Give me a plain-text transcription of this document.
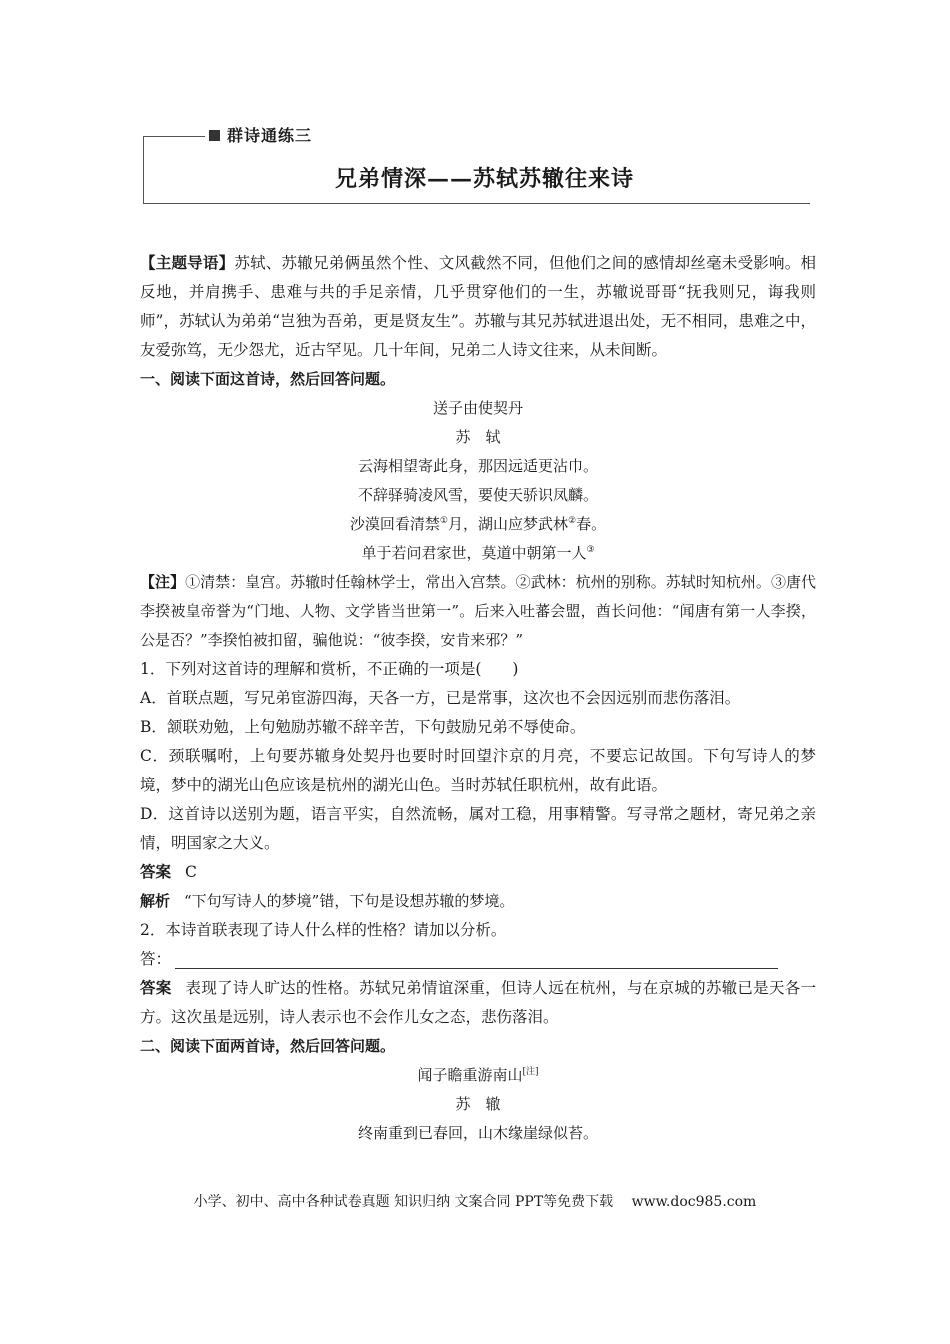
群诗通练三
兄弟情深——苏轼苏辙往来诗

【主题导语】苏轼、苏辙兄弟俩虽然个性、文风截然不同，但他们之间的感情却丝毫未受影响。相反地，并肩携手、患难与共的手足亲情，几乎贯穿他们的一生，苏辙说哥哥“抚我则兄，诲我则师”，苏轼认为弟弟“岂独为吾弟，更是贤友生”。苏辙与其兄苏轼进退出处，无不相同，患难之中，友爱弥笃，无少怨尤，近古罕见。几十年间，兄弟二人诗文往来，从未间断。

一、阅读下面这首诗，然后回答问题。

送子由使契丹

苏　轼

云海相望寄此身，那因远适更沾巾。

不辞驿骑凌风雪，要使天骄识凤麟。

沙漠回看清禁①月，湖山应梦武林②春。

单于若问君家世，莫道中朝第一人③

【注】①清禁：皇宫。苏辙时任翰林学士，常出入宫禁。②武林：杭州的别称。苏轼时知杭州。③唐代李揆被皇帝誉为“门地、人物、文学皆当世第一”。后来入吐蕃会盟，酋长问他：“闻唐有第一人李揆，公是否？”李揆怕被扣留，骗他说：“彼李揆，安肯来邪？”

1．下列对这首诗的理解和赏析，不正确的一项是(　　)

A．首联点题，写兄弟宦游四海，天各一方，已是常事，这次也不会因远别而悲伤落泪。

B．颔联劝勉，上句勉励苏辙不辞辛苦，下句鼓励兄弟不辱使命。

C．颈联嘱咐，上句要苏辙身处契丹也要时时回望汴京的月亮，不要忘记故国。下句写诗人的梦境，梦中的湖光山色应该是杭州的湖光山色。当时苏轼任职杭州，故有此语。

D．这首诗以送别为题，语言平实，自然流畅，属对工稳，用事精警。写寻常之题材，寄兄弟之亲情，明国家之大义。

答案 C

解析 “下句写诗人的梦境”错，下句是设想苏辙的梦境。

2．本诗首联表现了诗人什么样的性格？请加以分析。

答：

答案 表现了诗人旷达的性格。苏轼兄弟情谊深重，但诗人远在杭州，与在京城的苏辙已是天各一方。这次虽是远别，诗人表示也不会作儿女之态，悲伤落泪。

二、阅读下面两首诗，然后回答问题。

闻子瞻重游南山[注]

苏　辙

终南重到已春回，山木缘崖绿似苔。

小学、初中、高中各种试卷真题 知识归纳 文案合同 PPT等免费下载　 www.doc985.com
